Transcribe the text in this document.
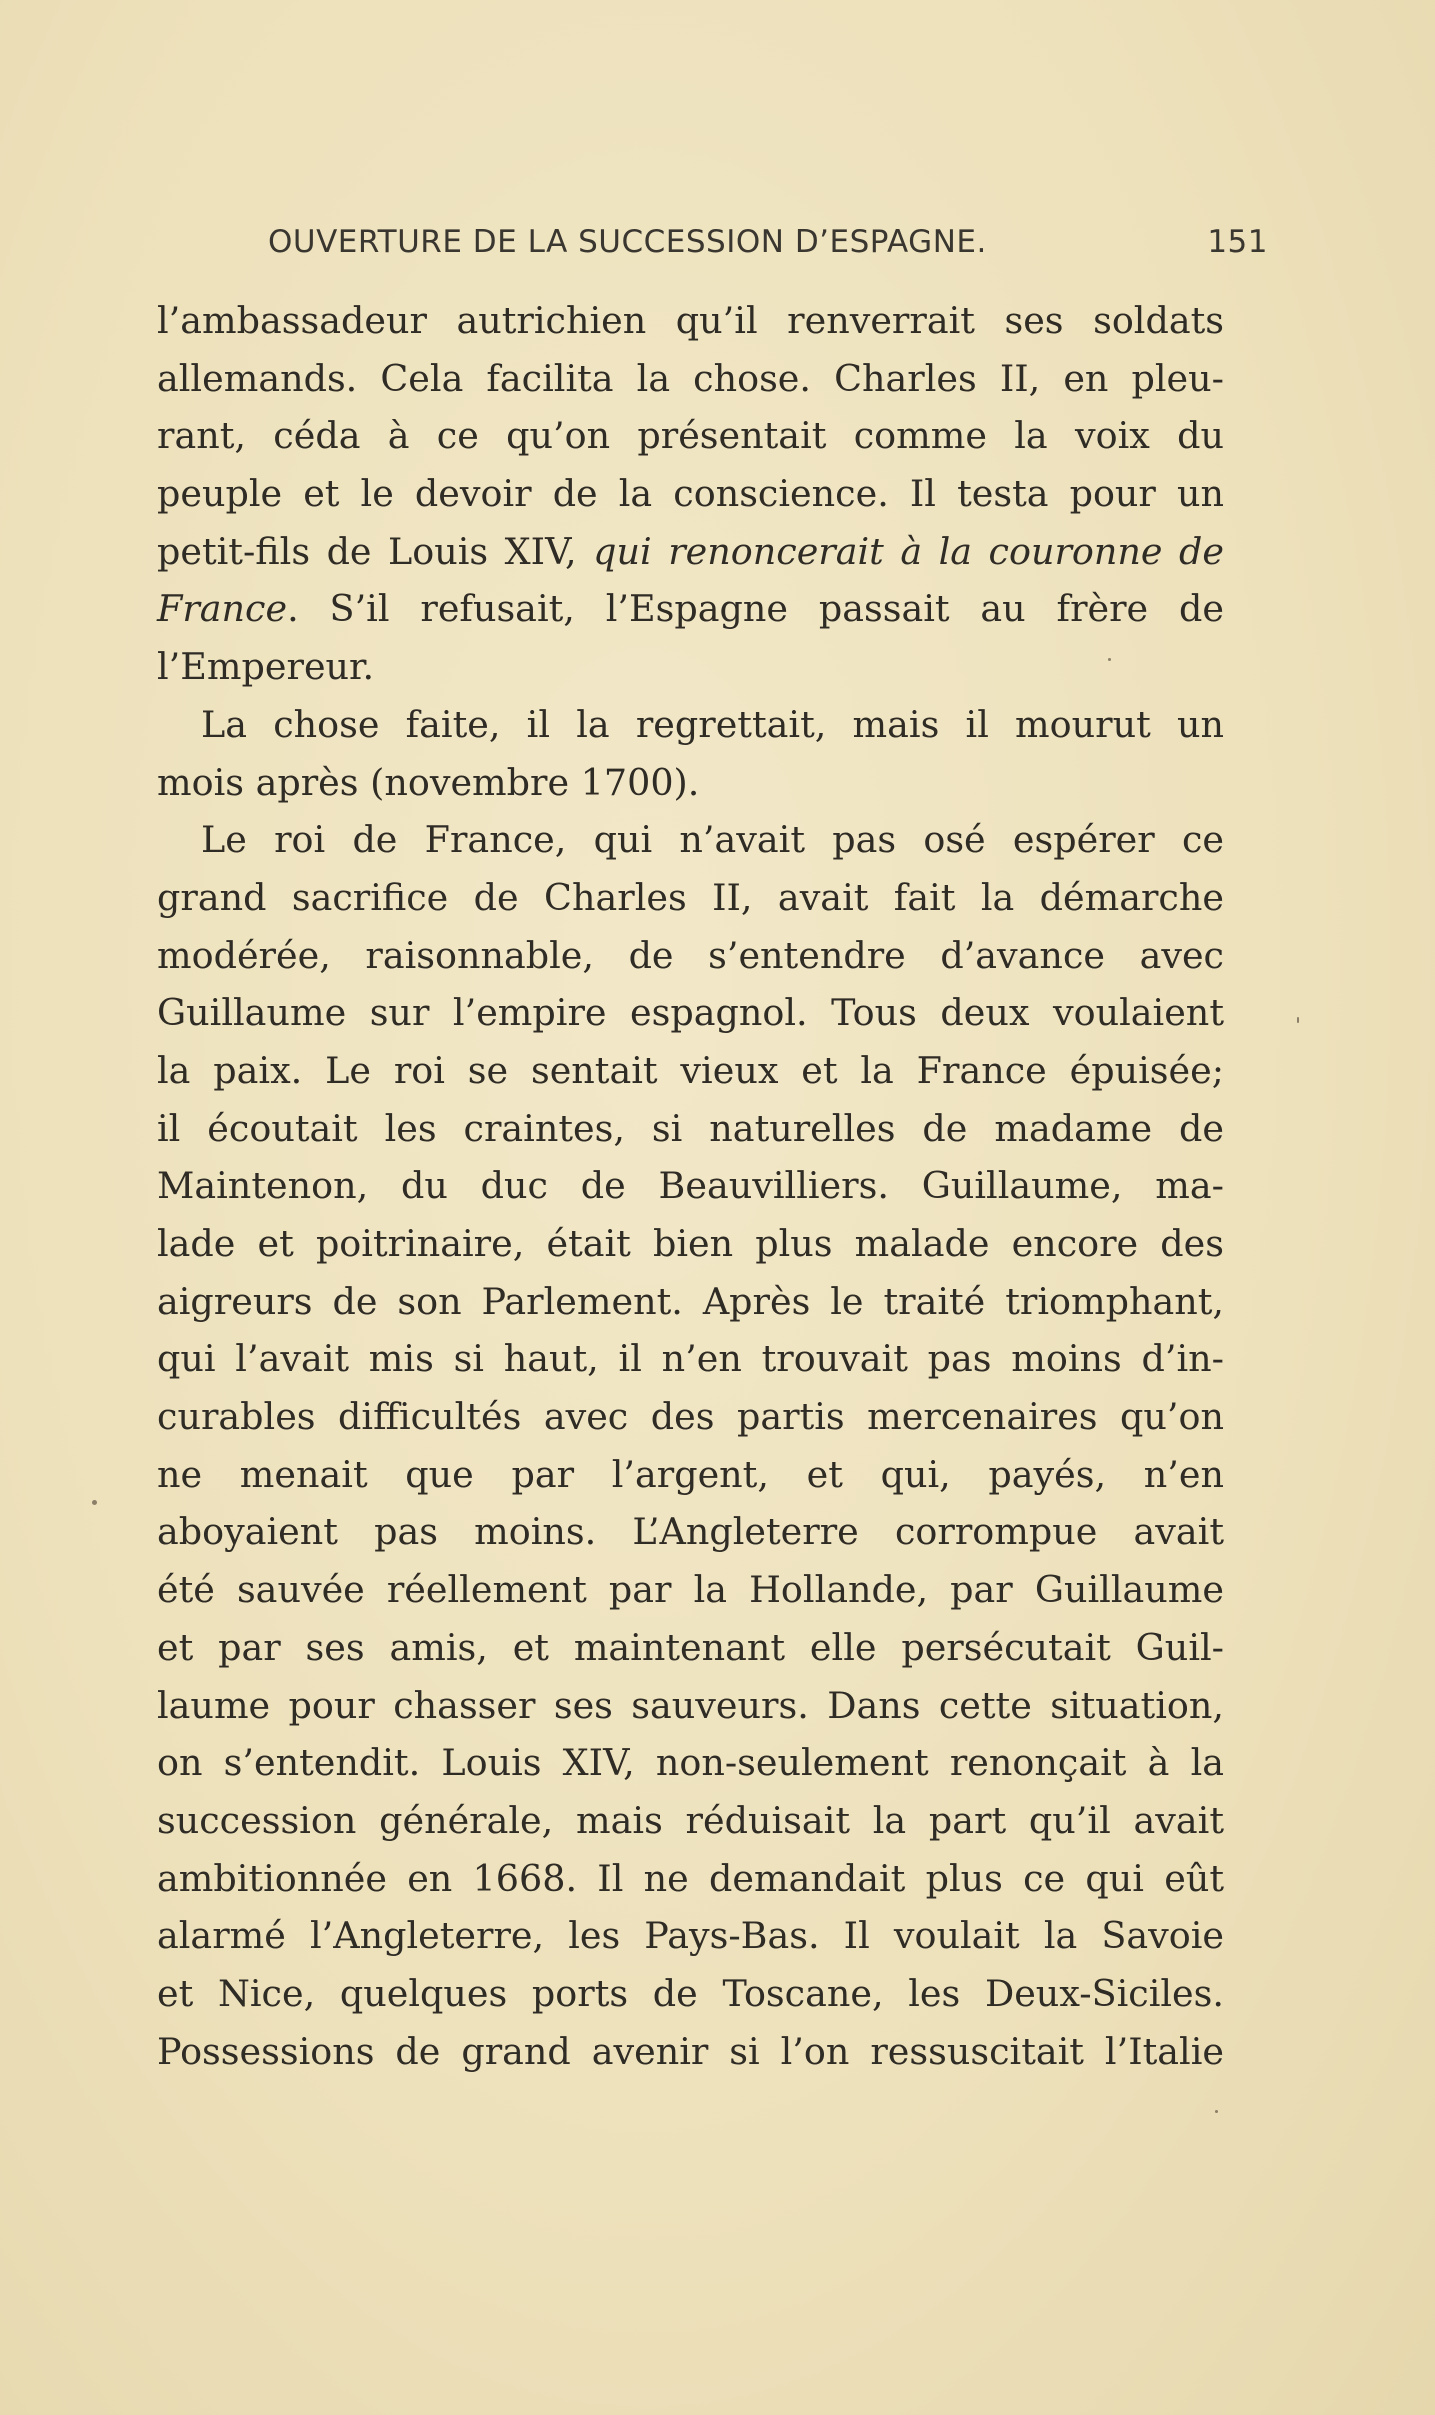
OUVERTURE DE LA SUCCESSION D’ESPAGNE.	151
l’ambassadeur autrichien qu’il renverrait ses soldats
allemands. Cela facilita la chose. Charles II, en pleu-
rant, céda à ce qu’on présentait comme la voix du
peuple et le devoir de la conscience. Il testa pour un
petit-fils de Louis XIV, qui renoncerait à la couronne de
France. S’il refusait, l’Espagne passait au frère de
l’Empereur.
La chose faite, il la regrettait, mais il mourut un
mois après (novembre 1700).
Le roi de France, qui n’avait pas osé espérer ce
grand sacrifice de Charles II, avait fait la démarche
modérée, raisonnable, de s’entendre d’avance avec
Guillaume sur l’empire espagnol. Tous deux voulaient
la paix. Le roi se sentait vieux et la France épuisée;
il écoutait les craintes, si naturelles de madame de
Maintenon, du duc de Beauvilliers. Guillaume, ma-
lade et poitrinaire, était bien plus malade encore des
aigreurs de son Parlement. Après le traité triomphant,
qui l’avait mis si haut, il n’en trouvait pas moins d’in-
curables difficultés avec des partis mercenaires qu’on
ne menait que par l’argent, et qui, payés, n’en
aboyaient pas moins. L’Angleterre corrompue avait
été sauvée réellement par la Hollande, par Guillaume
et par ses amis, et maintenant elle persécutait Guil-
laume pour chasser ses sauveurs. Dans cette situation,
on s’entendit. Louis XIV, non-seulement renonçait à la
succession générale, mais réduisait la part qu’il avait
ambitionnée en 1668. Il ne demandait plus ce qui eût
alarmé l’Angleterre, les Pays-Bas. Il voulait la Savoie
et Nice, quelques ports de Toscane, les Deux-Siciles.
Possessions de grand avenir si l’on ressuscitait l’Italie
